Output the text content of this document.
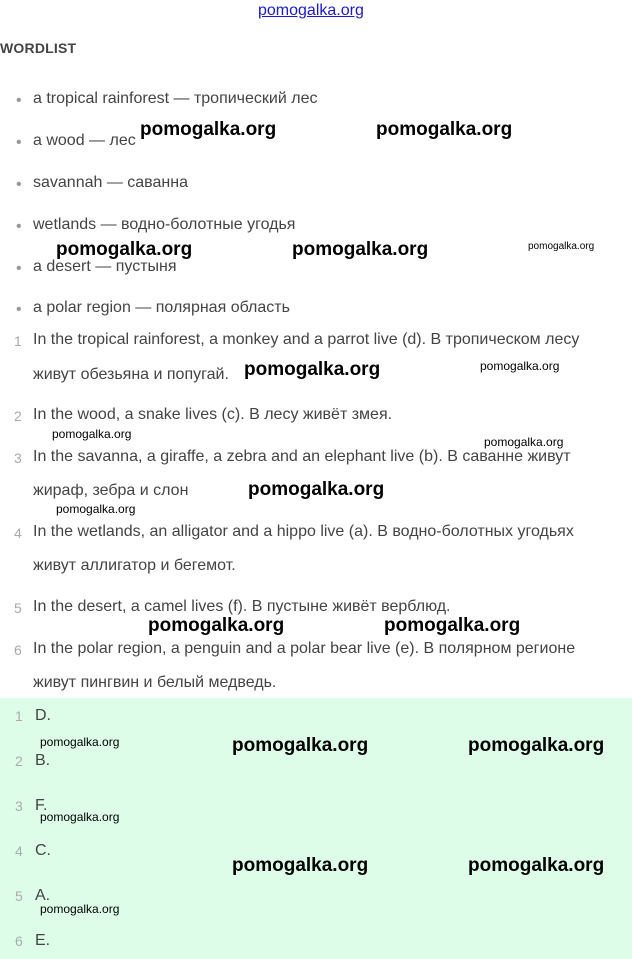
pomogalka.org
WORDLIST
• a tropical rainforest — тропический лес
• a wood — лес
• savannah — саванна
• wetlands — водно-болотные угодья
• a desert — пустыня
• a polar region — полярная область
1 In the tropical rainforest, a monkey and a parrot live (d). В тропическом лесу
живут обезьяна и попугай.
2 In the wood, a snake lives (c). В лесу живёт змея.
3 In the savanna, a giraffe, a zebra and an elephant live (b). В саванне живут
жираф, зебра и слон
4 In the wetlands, an alligator and a hippo live (a). В водно-болотных угодьях
живут аллигатор и бегемот.
5 In the desert, a camel lives (f). В пустыне живёт верблюд.
6 In the polar region, a penguin and a polar bear live (e). В полярном регионе
живут пингвин и белый медведь.
1 D.
2 B.
3 F.
4 C.
5 A.
6 E.
pomogalka.org	pomogalka.org
pomogalka.org	pomogalka.org	pomogalka.org
pomogalka.org	pomogalka.org
pomogalka.org
pomogalka.org
pomogalka.org
pomogalka.org
pomogalka.org	pomogalka.org
pomogalka.org	pomogalka.org	pomogalka.org
pomogalka.org
pomogalka.org	pomogalka.org
pomogalka.org
